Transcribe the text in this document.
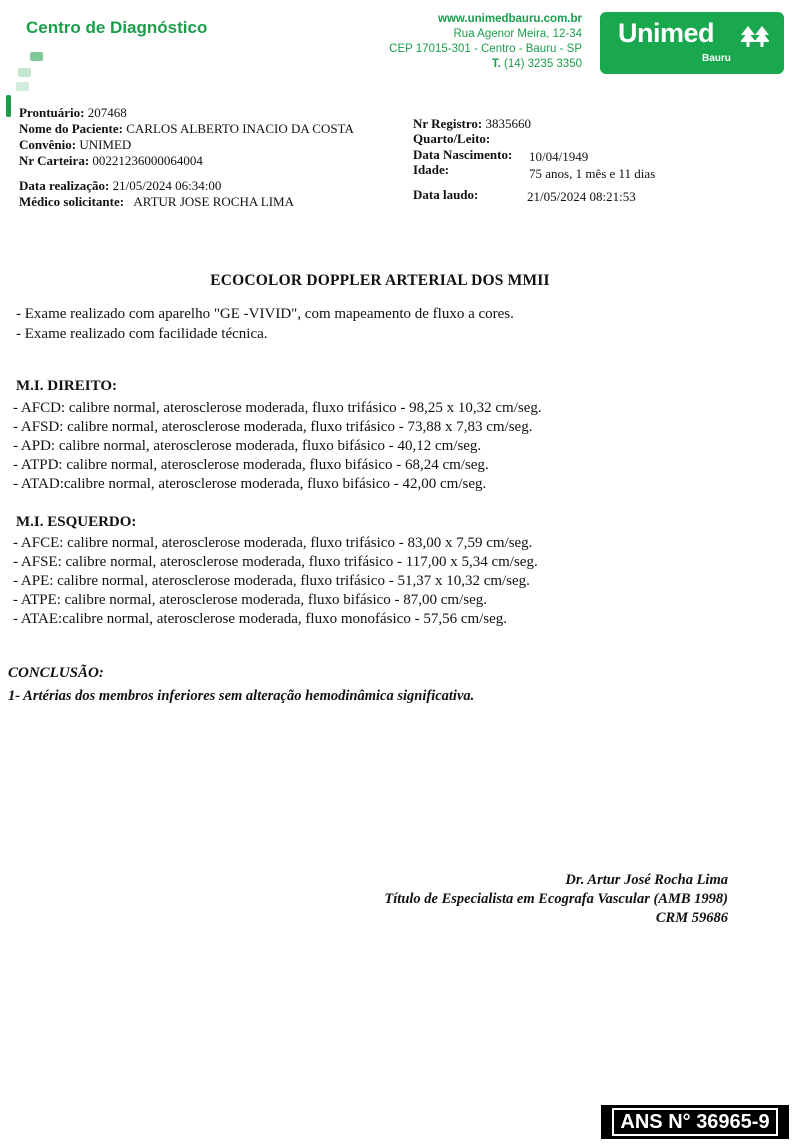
Centro de Diagnóstico	www.unimedbauru.com.br
Rua Agenor Meira, 12-34
CEP 17015-301 - Centro - Bauru - SP
T. (14) 3235 3350
Unimed
Bauru
Prontuário: 207468
Nome do Paciente: CARLOS ALBERTO INACIO DA COSTA
Convênio: UNIMED
Nr Carteira: 00221236000064004
Data realização: 21/05/2024 06:34:00
Médico solicitante: ARTUR JOSE ROCHA LIMA
Nr Registro: 3835660
Quarto/Leito:
Data Nascimento: 10/04/1949
Idade:	75 anos, 1 mês e 11 dias
Data laudo:	21/05/2024 08:21:53
ECOCOLOR DOPPLER ARTERIAL DOS MMII
- Exame realizado com aparelho "GE -VIVID", com mapeamento de fluxo a cores.
- Exame realizado com facilidade técnica.
M.I. DIREITO:
- AFCD: calibre normal, aterosclerose moderada, fluxo trifásico - 98,25 x 10,32 cm/seg.
- AFSD: calibre normal, aterosclerose moderada, fluxo trifásico - 73,88 x 7,83 cm/seg.
- APD: calibre normal, aterosclerose moderada, fluxo bifásico - 40,12 cm/seg.
- ATPD: calibre normal, aterosclerose moderada, fluxo bifásico - 68,24 cm/seg.
- ATAD:calibre normal, aterosclerose moderada, fluxo bifásico - 42,00 cm/seg.
M.I. ESQUERDO:
- AFCE: calibre normal, aterosclerose moderada, fluxo trifásico - 83,00 x 7,59 cm/seg.
- AFSE: calibre normal, aterosclerose moderada, fluxo trifásico - 117,00 x 5,34 cm/seg.
- APE: calibre normal, aterosclerose moderada, fluxo trifásico - 51,37 x 10,32 cm/seg.
- ATPE: calibre normal, aterosclerose moderada, fluxo bifásico - 87,00 cm/seg.
- ATAE:calibre normal, aterosclerose moderada, fluxo monofásico - 57,56 cm/seg.
CONCLUSÃO:
1- Artérias dos membros inferiores sem alteração hemodinâmica significativa.
Dr. Artur José Rocha Lima
Título de Especialista em Ecografa Vascular (AMB 1998)
CRM 59686
ANS N° 36965-9
